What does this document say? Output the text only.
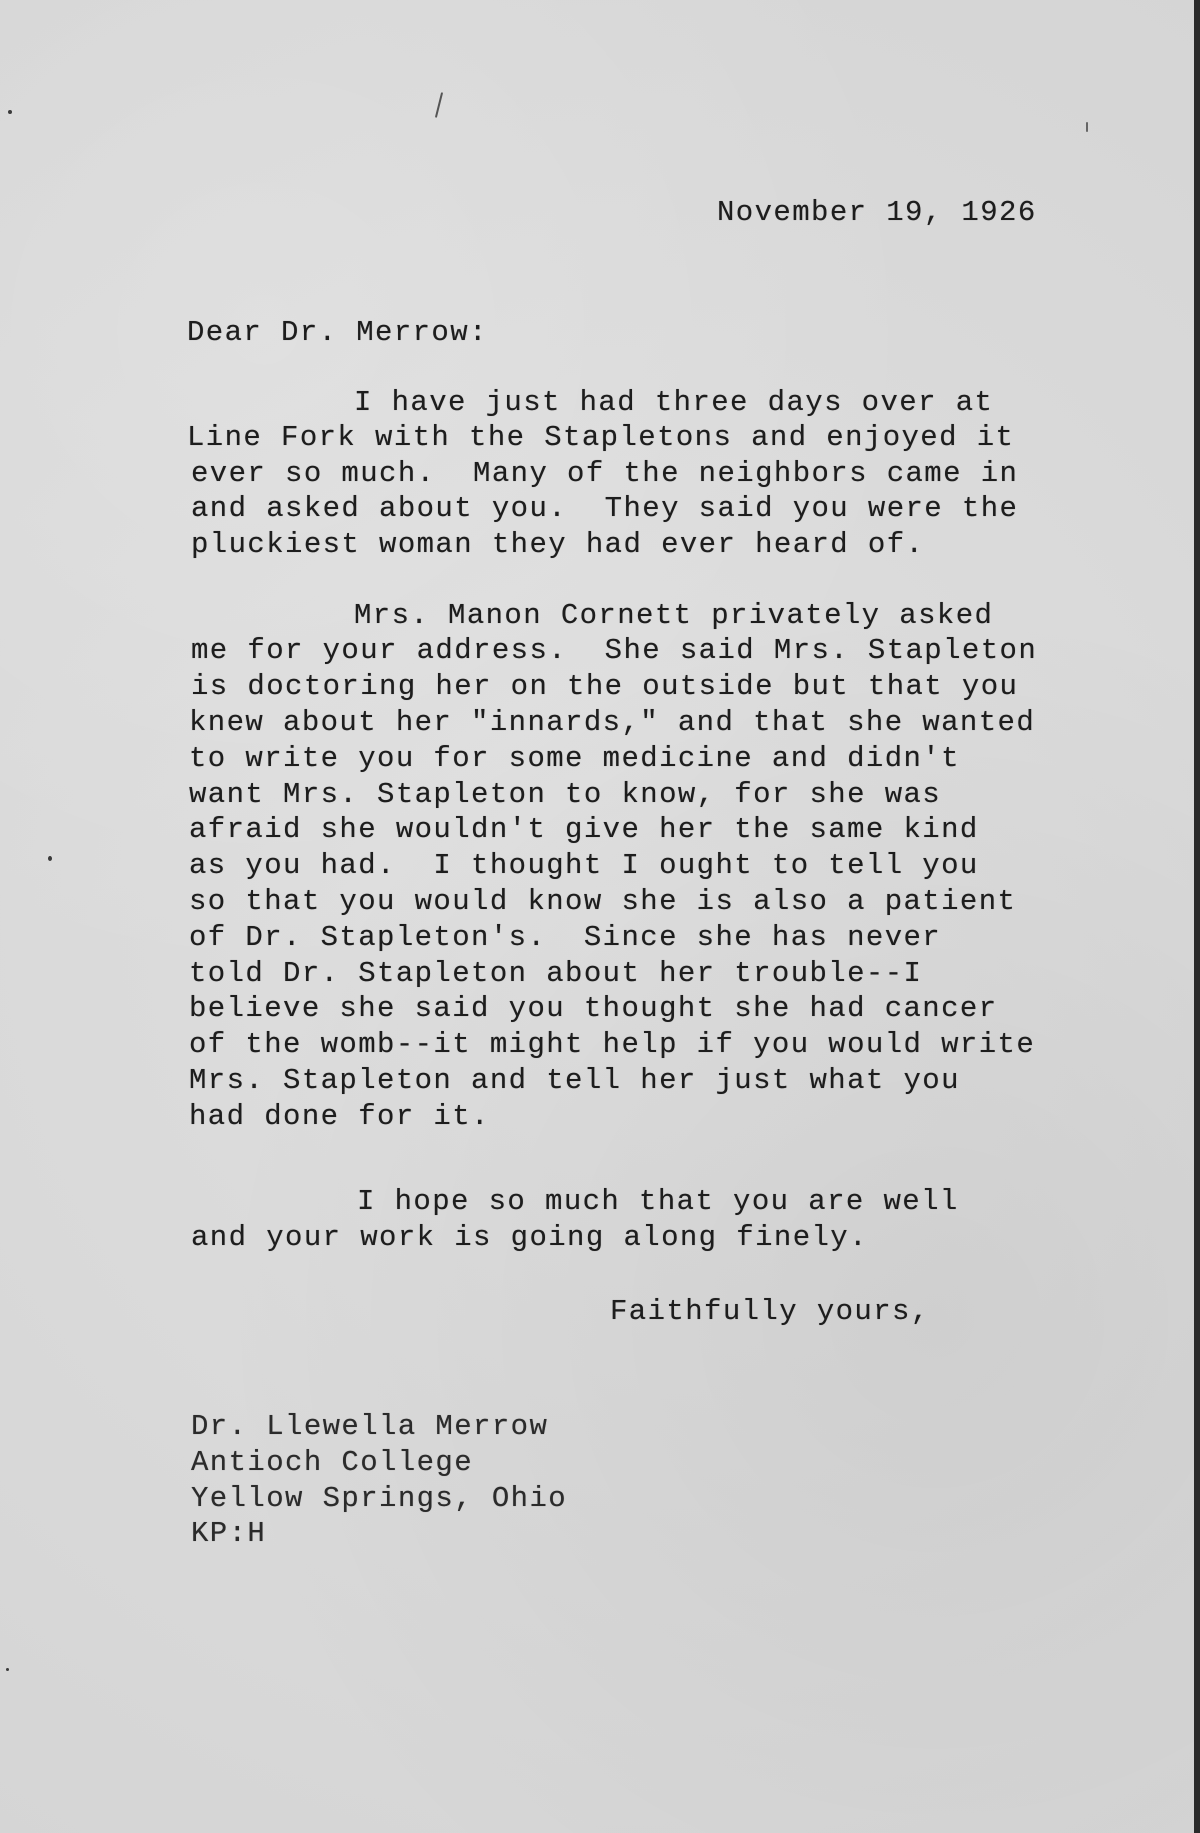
November 19, 1926
Dear Dr. Merrow:
I have just had three days over at
Line Fork with the Stapletons and enjoyed it
ever so much.  Many of the neighbors came in
and asked about you.  They said you were the
pluckiest woman they had ever heard of.
Mrs. Manon Cornett privately asked
me for your address.  She said Mrs. Stapleton
is doctoring her on the outside but that you
knew about her "innards," and that she wanted
to write you for some medicine and didn't
want Mrs. Stapleton to know, for she was
afraid she wouldn't give her the same kind
as you had.  I thought I ought to tell you
so that you would know she is also a patient
of Dr. Stapleton's.  Since she has never
told Dr. Stapleton about her trouble--I
believe she said you thought she had cancer
of the womb--it might help if you would write
Mrs. Stapleton and tell her just what you
had done for it.
I hope so much that you are well
and your work is going along finely.
Faithfully yours,
Dr. Llewella Merrow
Antioch College
Yellow Springs, Ohio
KP:H
